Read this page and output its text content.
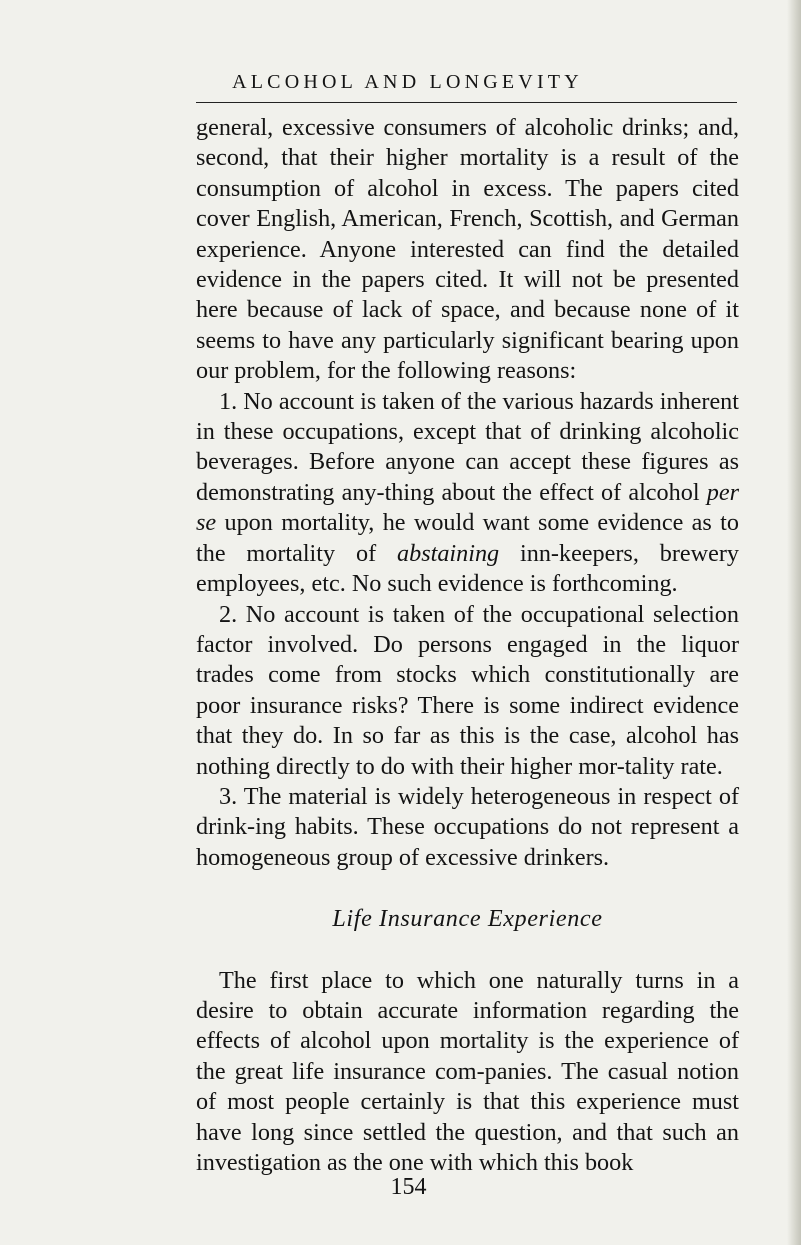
ALCOHOL AND LONGEVITY

general, excessive consumers of alcoholic drinks; and, second, that their higher mortality is a result of the consumption of alcohol in excess. The papers cited cover English, American, French, Scottish, and German experience. Anyone interested can find the detailed evidence in the papers cited. It will not be presented here because of lack of space, and because none of it seems to have any particularly significant bearing upon our problem, for the following reasons:

1. No account is taken of the various hazards inherent in these occupations, except that of drinking alcoholic beverages. Before anyone can accept these figures as demonstrating any-thing about the effect of alcohol per se upon mortality, he would want some evidence as to the mortality of abstaining inn-keepers, brewery employees, etc. No such evidence is forthcoming.

2. No account is taken of the occupational selection factor involved. Do persons engaged in the liquor trades come from stocks which constitutionally are poor insurance risks? There is some indirect evidence that they do. In so far as this is the case, alcohol has nothing directly to do with their higher mor-tality rate.

3. The material is widely heterogeneous in respect of drink-ing habits. These occupations do not represent a homogeneous group of excessive drinkers.

Life Insurance Experience

The first place to which one naturally turns in a desire to obtain accurate information regarding the effects of alcohol upon mortality is the experience of the great life insurance com-panies. The casual notion of most people certainly is that this experience must have long since settled the question, and that such an investigation as the one with which this book

154
